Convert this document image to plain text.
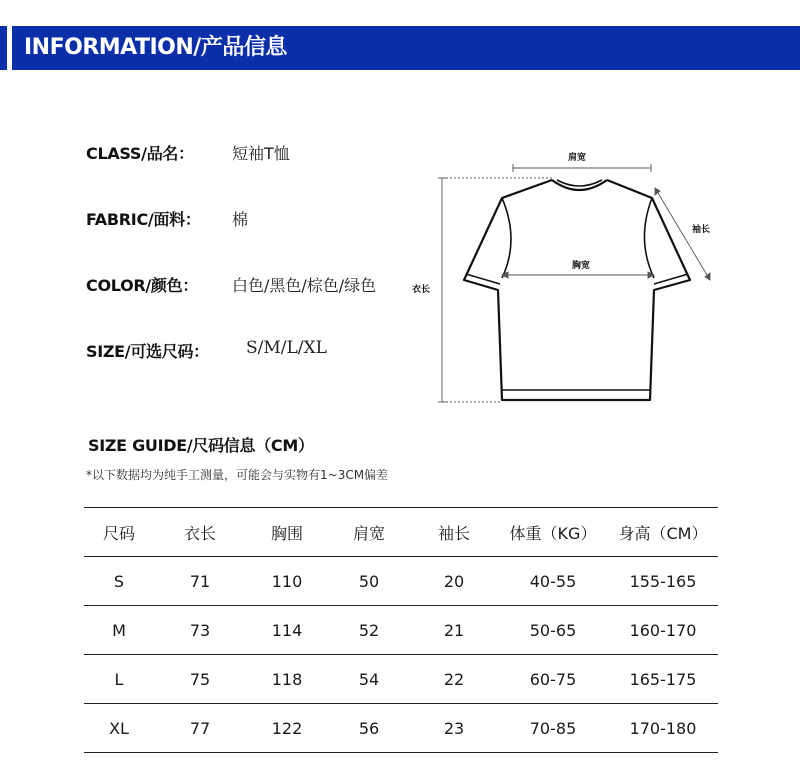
INFORMATION/产品信息
CLASS/品名： 短袖T恤
FABRIC/面料： 棉
COLOR/颜色： 白色/黑色/棕色/绿色
SIZE/可选尺码： S/M/L/XL
肩宽
胸宽
袖长
衣长
SIZE GUIDE/尺码信息（CM）
*以下数据均为纯手工测量，可能会与实物有1~3CM偏差
尺码	衣长	胸围	肩宽	袖长	体重（KG）	身高（CM）
S	71	110	50	20	40-55	155-165
M	73	114	52	21	50-65	160-170
L	75	118	54	22	60-75	165-175
XL	77	122	56	23	70-85	170-180
